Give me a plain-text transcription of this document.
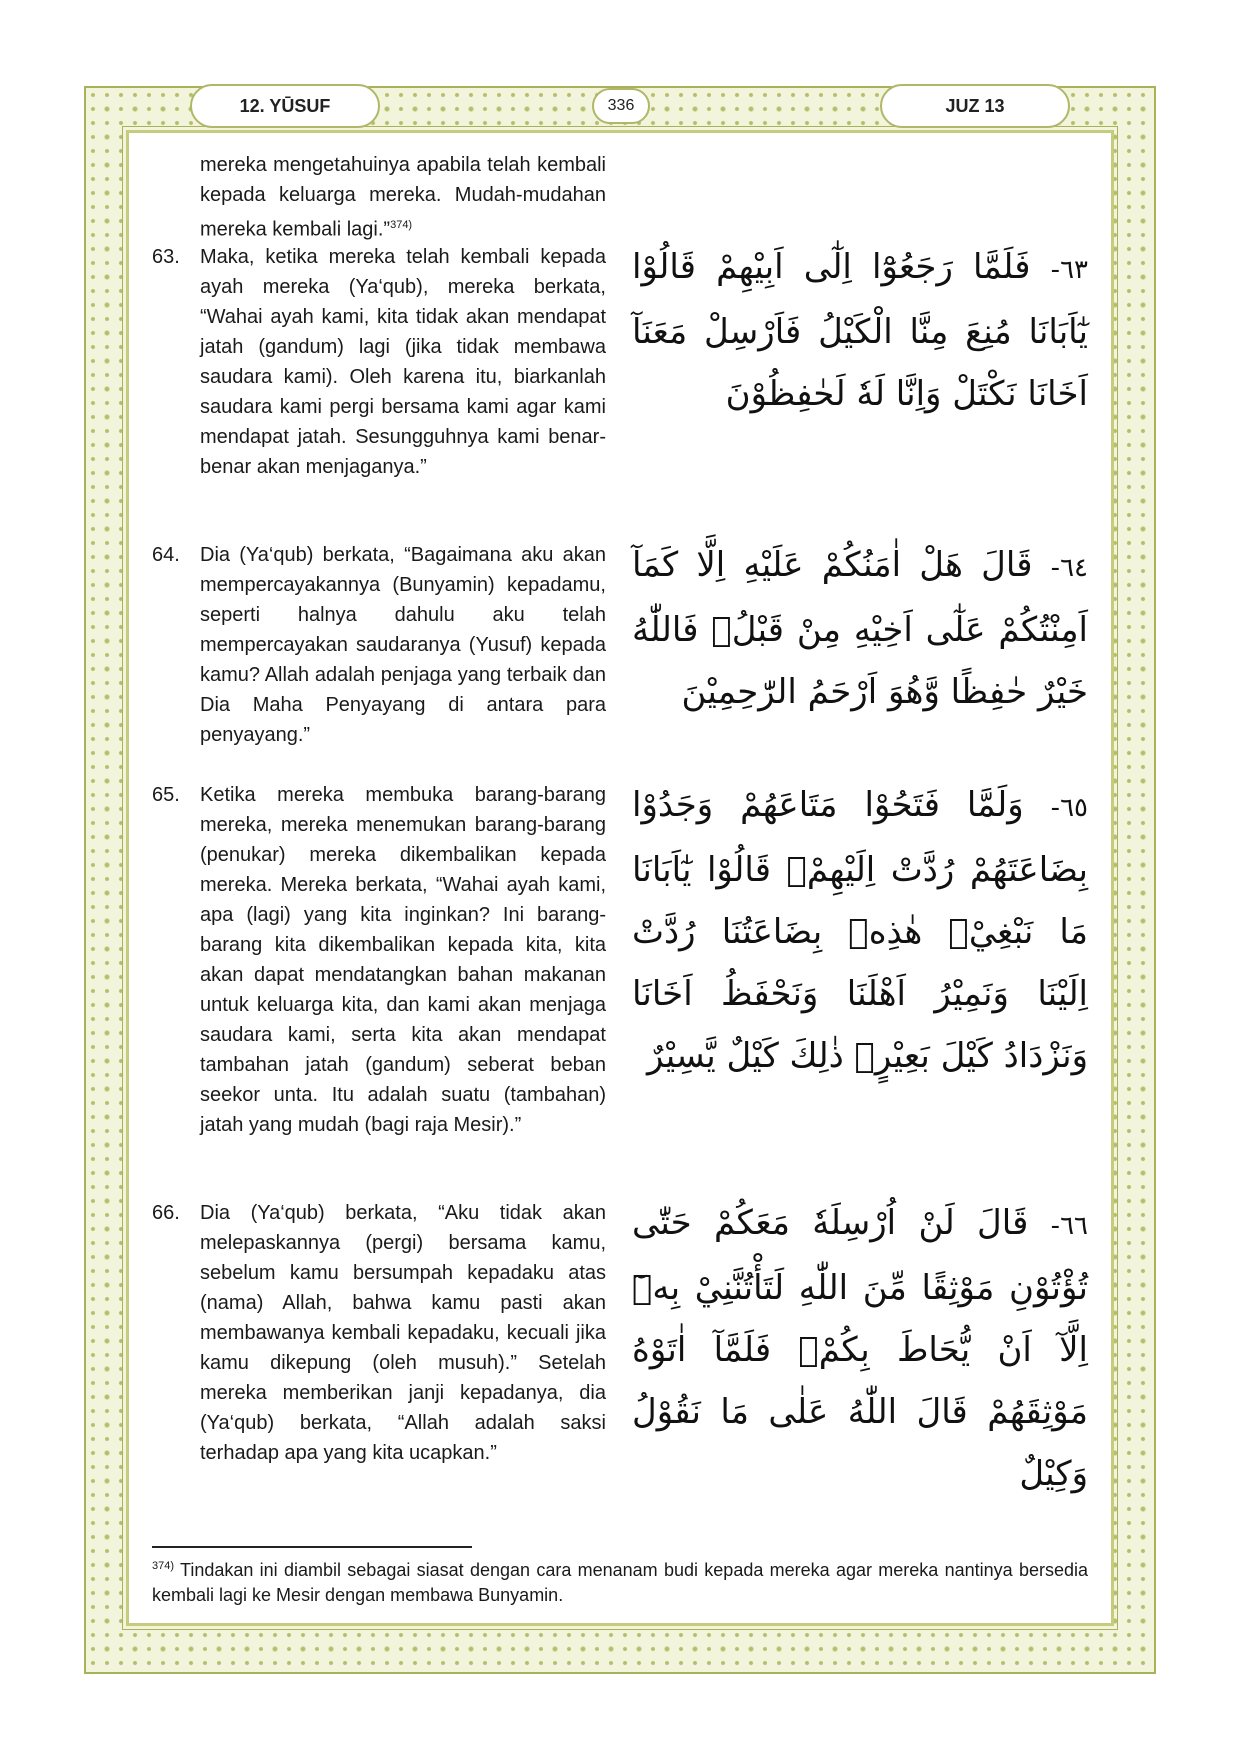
12. YŪSUF	336	JUZ 13
mereka mengetahuinya apabila telah kembali kepada keluarga mereka. Mudah-mudahan mereka kembali lagi.”$^{374)}$
63.	Maka, ketika mereka telah kembali kepada ayah mereka (Ya‘qub), mereka berkata, “Wahai ayah kami, kita tidak akan mendapat jatah (gandum) lagi (jika tidak membawa saudara kami). Oleh karena itu, biarkanlah saudara kami pergi bersama kami agar kami mendapat jatah. Sesungguhnya kami benar-benar akan menjaganya.”
٦٣- فَلَمَّا رَجَعُوْٓا اِلٰٓى اَبِيْهِمْ قَالُوْا يٰٓاَبَانَا مُنِعَ مِنَّا الْكَيْلُ فَاَرْسِلْ مَعَنَآ اَخَانَا نَكْتَلْ وَاِنَّا لَهٗ لَحٰفِظُوْنَ
64.	Dia (Ya‘qub) berkata, “Bagaimana aku akan mempercayakannya (Bunyamin) kepadamu, seperti halnya dahulu aku telah mempercayakan saudaranya (Yusuf) kepada kamu? Allah adalah penjaga yang terbaik dan Dia Maha Penyayang di antara para penyayang.”
٦٤- قَالَ هَلْ اٰمَنُكُمْ عَلَيْهِ اِلَّا كَمَآ اَمِنْتُكُمْ عَلٰٓى اَخِيْهِ مِنْ قَبْلُۗ فَاللّٰهُ خَيْرٌ حٰفِظًا وَّهُوَ اَرْحَمُ الرّٰحِمِيْنَ
65.	Ketika mereka membuka barang-barang mereka, mereka menemukan barang-barang (penukar) mereka dikembalikan kepada mereka. Mereka berkata, “Wahai ayah kami, apa (lagi) yang kita inginkan? Ini barang-barang kita dikembalikan kepada kita, kita akan dapat mendatangkan bahan makanan untuk keluarga kita, dan kami akan menjaga saudara kami, serta kita akan mendapat tambahan jatah (gandum) seberat beban seekor unta. Itu adalah suatu (tambahan) jatah yang mudah (bagi raja Mesir).”
٦٥- وَلَمَّا فَتَحُوْا مَتَاعَهُمْ وَجَدُوْا بِضَاعَتَهُمْ رُدَّتْ اِلَيْهِمْۗ قَالُوْا يٰٓاَبَانَا مَا نَبْغِيْۗ هٰذِهٖ بِضَاعَتُنَا رُدَّتْ اِلَيْنَا وَنَمِيْرُ اَهْلَنَا وَنَحْفَظُ اَخَانَا وَنَزْدَادُ كَيْلَ بَعِيْرٍۗ ذٰلِكَ كَيْلٌ يَّسِيْرٌ
66.	Dia (Ya‘qub) berkata, “Aku tidak akan melepaskannya (pergi) bersama kamu, sebelum kamu bersumpah kepadaku atas (nama) Allah, bahwa kamu pasti akan membawanya kembali kepadaku, kecuali jika kamu dikepung (oleh musuh).” Setelah mereka memberikan janji kepadanya, dia (Ya‘qub) berkata, “Allah adalah saksi terhadap apa yang kita ucapkan.”
٦٦- قَالَ لَنْ اُرْسِلَهٗ مَعَكُمْ حَتّٰى تُؤْتُوْنِ مَوْثِقًا مِّنَ اللّٰهِ لَتَأْتُنَّنِيْ بِهٖٓ اِلَّآ اَنْ يُّحَاطَ بِكُمْۚ فَلَمَّآ اٰتَوْهُ مَوْثِقَهُمْ قَالَ اللّٰهُ عَلٰى مَا نَقُوْلُ وَكِيْلٌ
$^{374)}$ Tindakan ini diambil sebagai siasat dengan cara menanam budi kepada mereka agar mereka nantinya bersedia kembali lagi ke Mesir dengan membawa Bunyamin.
